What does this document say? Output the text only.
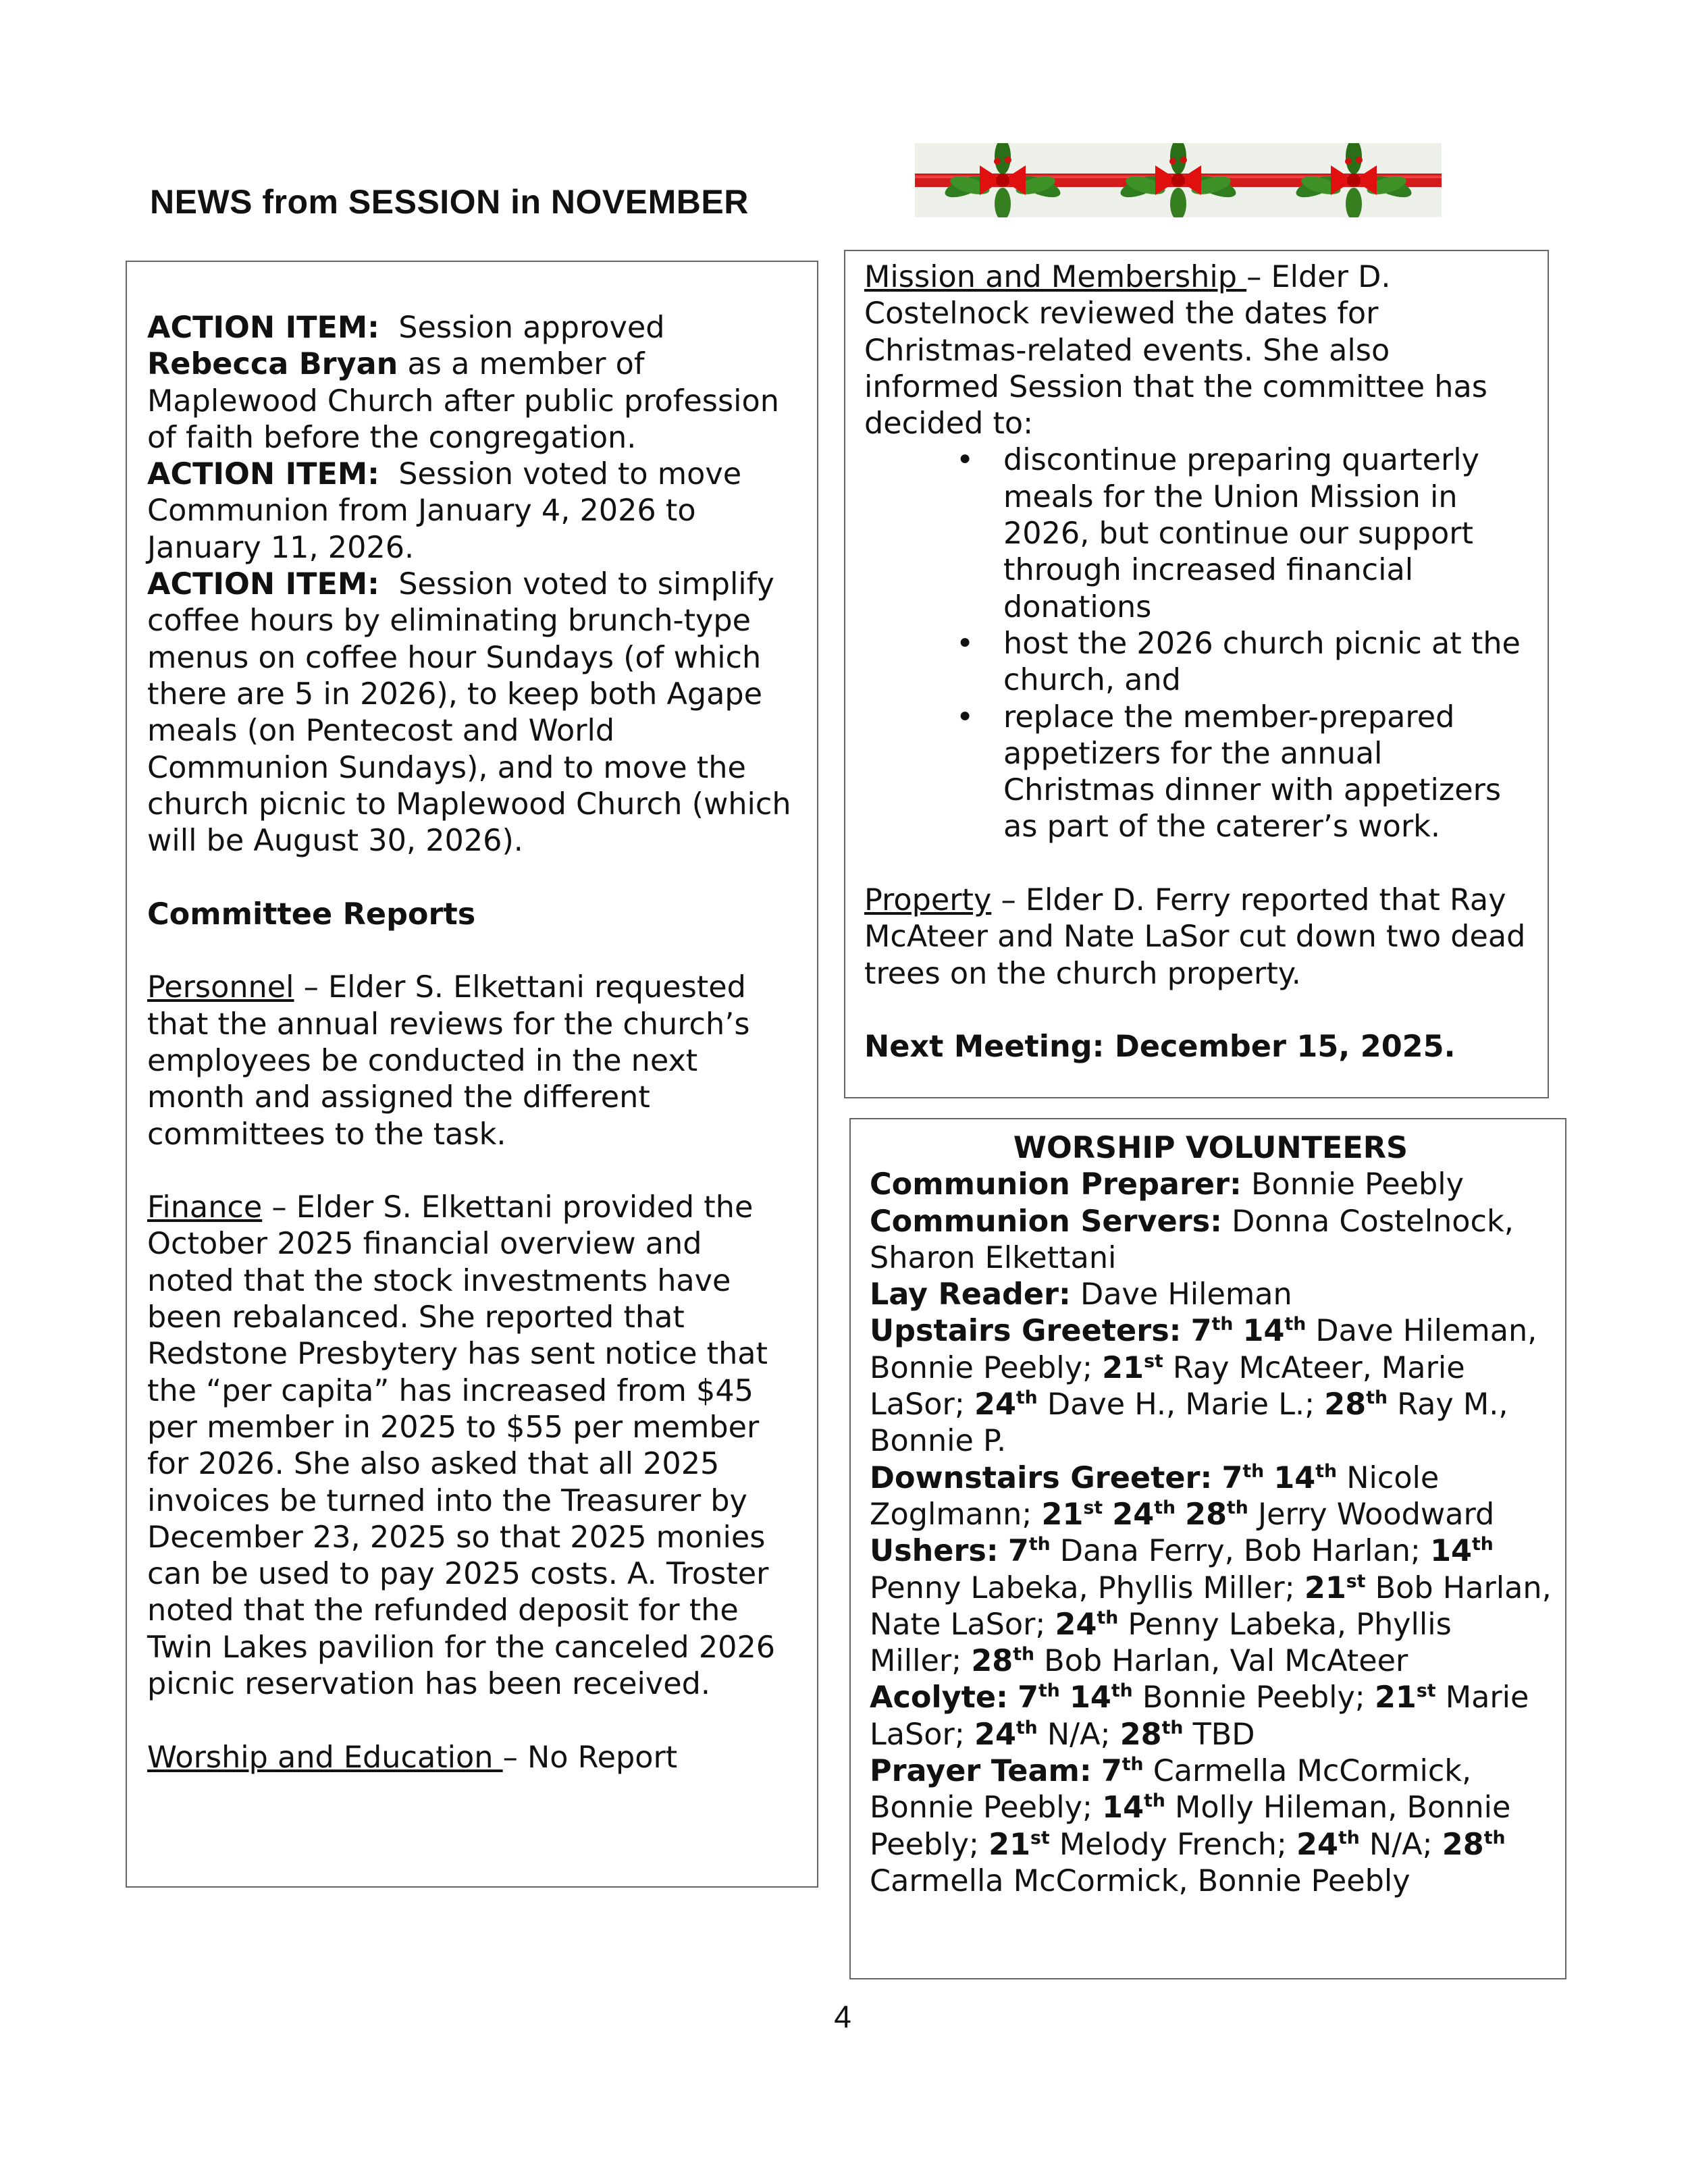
NEWS from SESSION in NOVEMBER

ACTION ITEM: Session approved Rebecca Bryan as a member of Maplewood Church after public profession of faith before the congregation.

ACTION ITEM: Session voted to move Communion from January 4, 2026 to January 11, 2026.

ACTION ITEM: Session voted to simplify coffee hours by eliminating brunch-type menus on coffee hour Sundays (of which there are 5 in 2026), to keep both Agape meals (on Pentecost and World Communion Sundays), and to move the church picnic to Maplewood Church (which will be August 30, 2026).

Committee Reports

Personnel – Elder S. Elkettani requested that the annual reviews for the church’s employees be conducted in the next month and assigned the different committees to the task.

Finance – Elder S. Elkettani provided the October 2025 financial overview and noted that the stock investments have been rebalanced. She reported that Redstone Presbytery has sent notice that the “per capita” has increased from $45 per member in 2025 to $55 per member for 2026. She also asked that all 2025 invoices be turned into the Treasurer by December 23, 2025 so that 2025 monies can be used to pay 2025 costs. A. Troster noted that the refunded deposit for the Twin Lakes pavilion for the canceled 2026 picnic reservation has been received.

Worship and Education – No Report

Mission and Membership – Elder D. Costelnock reviewed the dates for Christmas-related events. She also informed Session that the committee has decided to:

• discontinue preparing quarterly meals for the Union Mission in 2026, but continue our support through increased financial donations
• host the 2026 church picnic at the church, and
• replace the member-prepared appetizers for the annual Christmas dinner with appetizers as part of the caterer’s work.

Property – Elder D. Ferry reported that Ray McAteer and Nate LaSor cut down two dead trees on the church property.

Next Meeting: December 15, 2025.

WORSHIP VOLUNTEERS

Communion Preparer: Bonnie Peebly

Communion Servers: Donna Costelnock, Sharon Elkettani

Lay Reader: Dave Hileman

Upstairs Greeters: 7th 14th Dave Hileman, Bonnie Peebly; 21st Ray McAteer, Marie LaSor; 24th Dave H., Marie L.; 28th Ray M., Bonnie P.

Downstairs Greeter: 7th 14th Nicole Zoglmann; 21st 24th 28th Jerry Woodward

Ushers: 7th Dana Ferry, Bob Harlan; 14th Penny Labeka, Phyllis Miller; 21st Bob Harlan, Nate LaSor; 24th Penny Labeka, Phyllis Miller; 28th Bob Harlan, Val McAteer

Acolyte: 7th 14th Bonnie Peebly; 21st Marie LaSor; 24th N/A; 28th TBD

Prayer Team: 7th Carmella McCormick, Bonnie Peebly; 14th Molly Hileman, Bonnie Peebly; 21st Melody French; 24th N/A; 28th Carmella McCormick, Bonnie Peebly

4
